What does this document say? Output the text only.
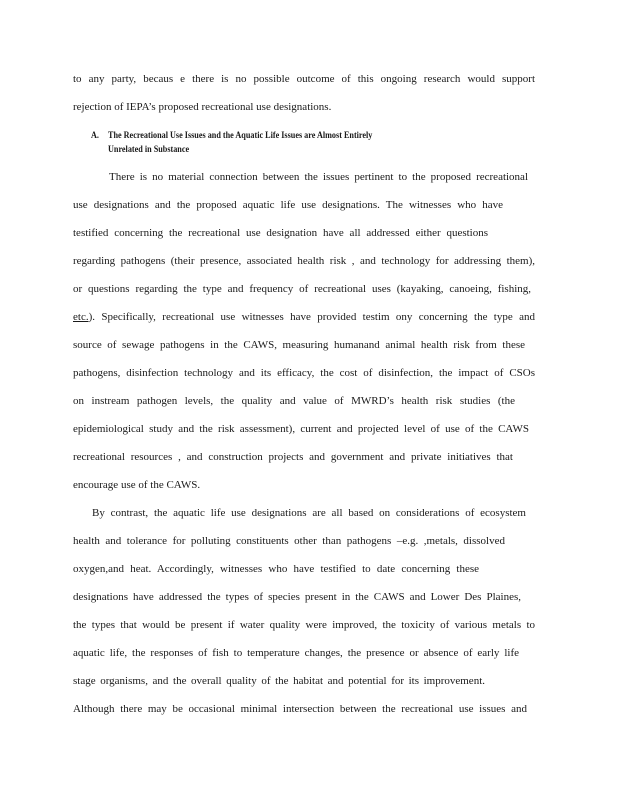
to any party, becaus e there is no possible outcome of this ongoing research would support
rejection of IEPA’s proposed recreational use designations.
A. The Recreational Use Issues and the Aquatic Life Issues are Almost Entirely
Unrelated in Substance
There is no material connection between the issues pertinent to the proposed recreational
use designations and the proposed aquatic life use designations. The witnesses who have
testified concerning the recreational use designation have all addressed either questions
regarding pathogens (their presence, associated health risk , and technology for addressing them),
or questions regarding the type and frequency of recreational uses (kayaking, canoeing, fishing,
etc. ). Specifically, recreational use witnesses have provided testim ony concerning the type and
source of sewage pathogens in the CAWS, measuring humanand animal health risk from these
pathogens, disinfection technology and its efficacy, the cost of disinfection, the impact of CSOs
on instream pathogen levels, the quality and value of MWRD’s health risk studies (the
epidemiological study and the risk assessment), current and projected level of use of the CAWS
recreational resources , and construction projects and government and private initiatives that
encourage use of the CAWS.
By contrast, the aquatic life use designations are all based on considerations of ecosystem
health and tolerance for polluting constituents other than pathogens –e.g. ,metals, dissolved
oxygen,and heat. Accordingly, witnesses who have testified to date concerning these
designations have addressed the types of species present in the CAWS and Lower Des Plaines,
the types that would be present if water quality were improved, the toxicity of various metals to
aquatic life, the responses of fish to temperature changes, the presence or absence of early life
stage organisms, and the overall quality of the habitat and potential for its improvement.
Although there may be occasional minimal intersection between the recreational use issues and
